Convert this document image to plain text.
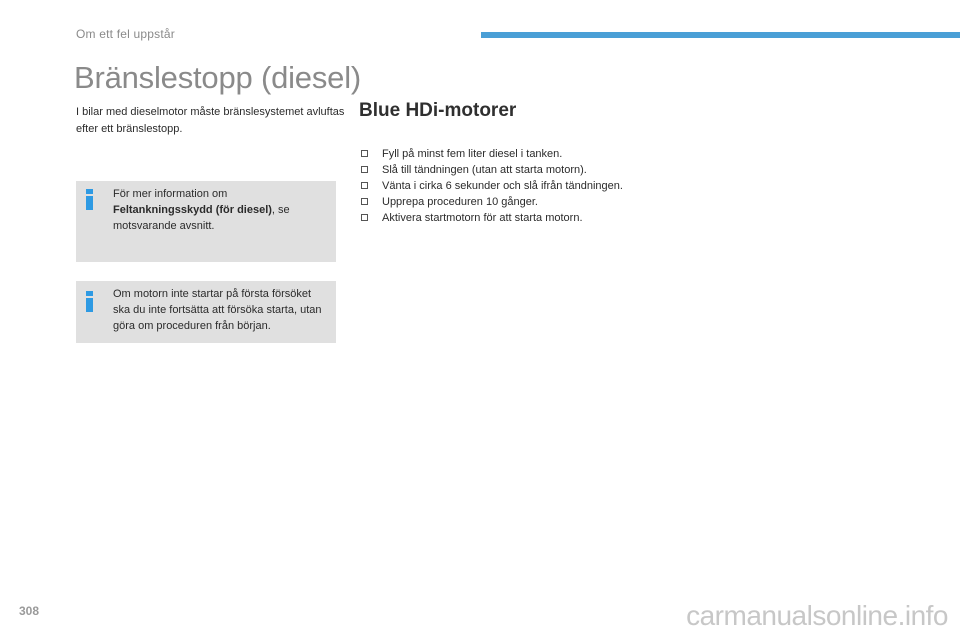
Om ett fel uppstår
Bränslestopp (diesel)
I bilar med dieselmotor måste bränslesystemet avluftas efter ett bränslestopp.
För mer information om
Feltankningsskydd (för diesel), se motsvarande avsnitt.
Om motorn inte startar på första försöket ska du inte fortsätta att försöka starta, utan göra om proceduren från början.
Blue HDi-motorer
Fyll på minst fem liter diesel i tanken.
Slå till tändningen (utan att starta motorn).
Vänta i cirka 6 sekunder och slå ifrån tändningen.
Upprepa proceduren 10 gånger.
Aktivera startmotorn för att starta motorn.
308	carmanualsonline.info
